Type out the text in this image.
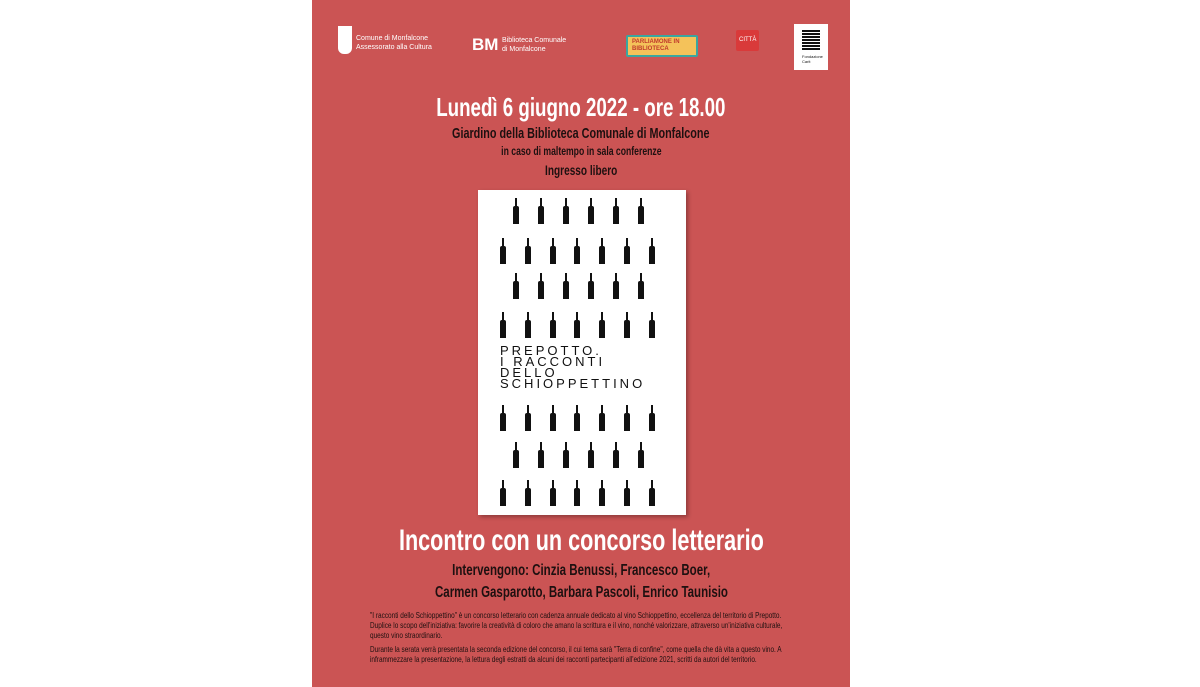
Comune di Monfalcone
Assessorato alla Cultura BM Biblioteca Comunale di Monfalcone
PARLIAMONE IN BIBLIOTECA
CITTÀ
Fondazione Carit
Lunedì 6 giugno 2022 - ore 18.00
Giardino della Biblioteca Comunale di Monfalcone
in caso di maltempo in sala conferenze
Ingresso libero
PREPOTTO.
I RACCONTI
DELLO
SCHIOPPETTINO
Incontro con un concorso letterario
Intervengono: Cinzia Benussi, Francesco Boer,
Carmen Gasparotto, Barbara Pascoli, Enrico Taunisio

"I racconti dello Schioppettino" è un concorso letterario con cadenza annuale dedicato al vino Schioppettino, eccellenza del territorio di Prepotto. Duplice lo scopo dell'iniziativa: favorire la creatività di coloro che amano la scrittura e il vino, nonché valorizzare, attraverso un'iniziativa culturale, questo vino straordinario.

Durante la serata verrà presentata la seconda edizione del concorso, il cui tema sarà "Terra di confine", come quella che dà vita a questo vino. A inframmezzare la presentazione, la lettura degli estratti da alcuni dei racconti partecipanti all'edizione 2021, scritti da autori del territorio.
